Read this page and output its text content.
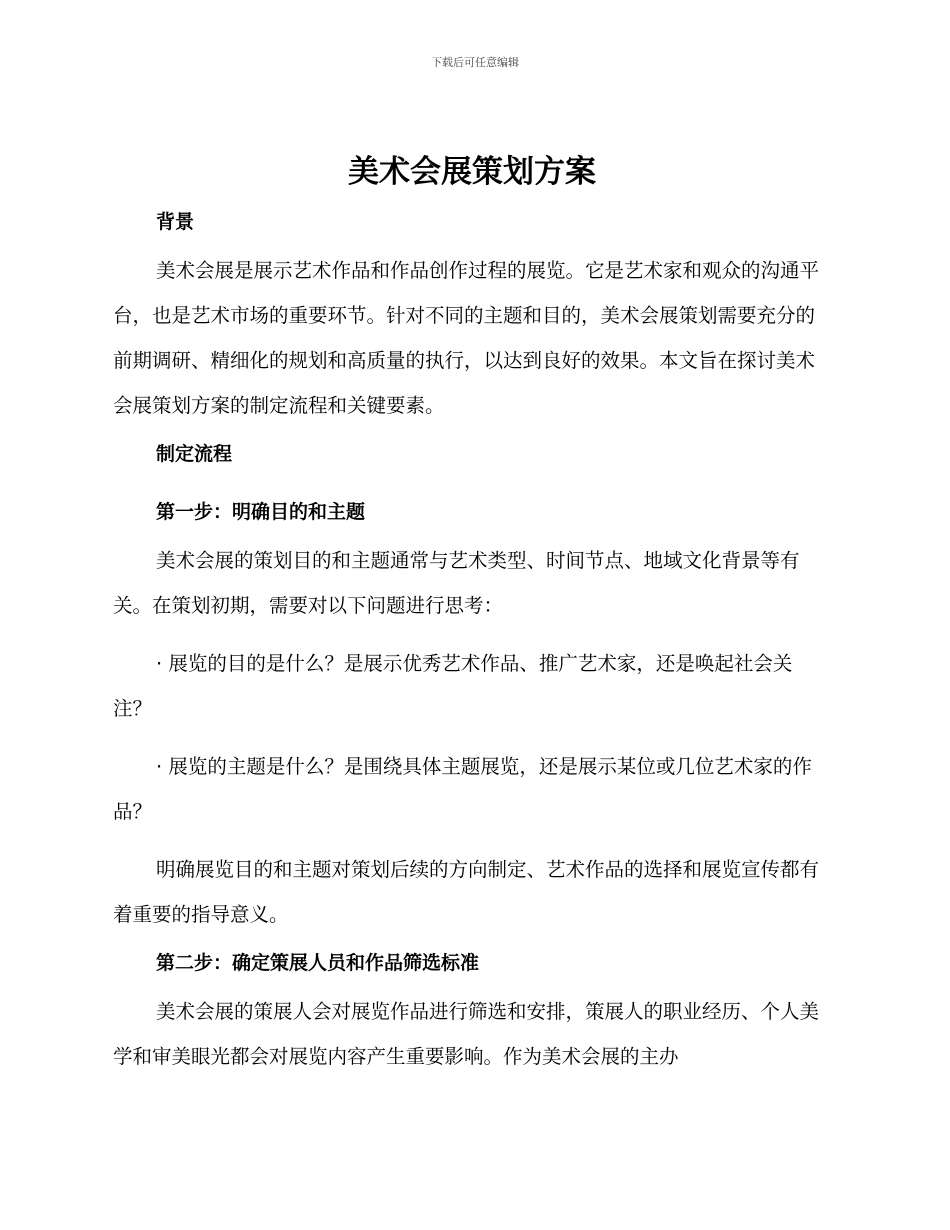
下载后可任意编辑
美术会展策划方案
背景

美术会展是展示艺术作品和作品创作过程的展览。它是艺术家和观众的沟通平台，也是艺术市场的重要环节。针对不同的主题和目的，美术会展策划需要充分的前期调研、精细化的规划和高质量的执行，以达到良好的效果。本文旨在探讨美术会展策划方案的制定流程和关键要素。

制定流程
第一步：明确目的和主题

美术会展的策划目的和主题通常与艺术类型、时间节点、地域文化背景等有关。在策划初期，需要对以下问题进行思考：

· 展览的目的是什么？是展示优秀艺术作品、推广艺术家，还是唤起社会关注？

· 展览的主题是什么？是围绕具体主题展览，还是展示某位或几位艺术家的作品？

明确展览目的和主题对策划后续的方向制定、艺术作品的选择和展览宣传都有着重要的指导意义。

第二步：确定策展人员和作品筛选标准

美术会展的策展人会对展览作品进行筛选和安排，策展人的职业经历、个人美学和审美眼光都会对展览内容产生重要影响。作为美术会展的主办
